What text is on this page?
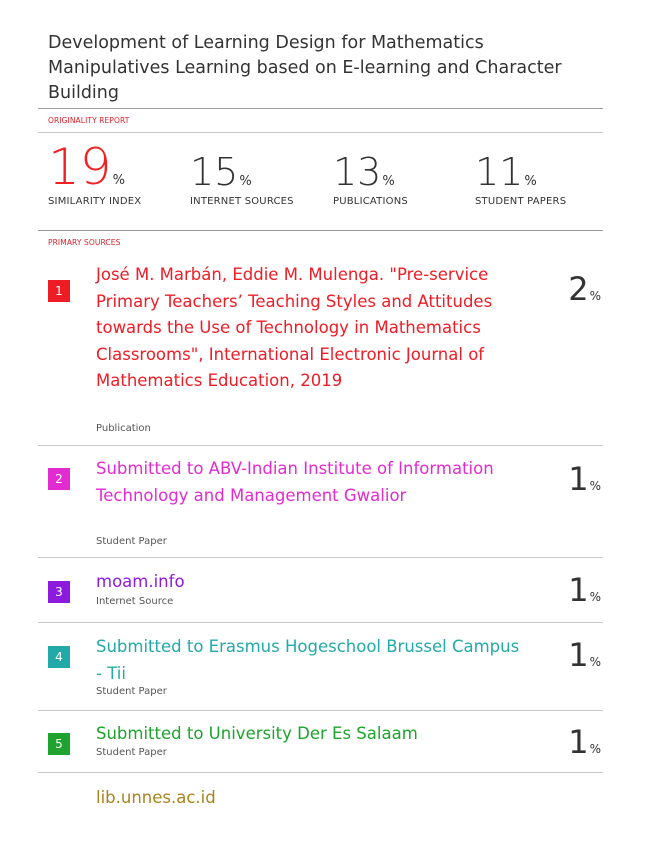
Development of Learning Design for Mathematics Manipulatives Learning based on E-learning and Character Building
ORIGINALITY REPORT
19%
SIMILARITY INDEX
15%
INTERNET SOURCES
13%
PUBLICATIONS
11%
STUDENT PAPERS
PRIMARY SOURCES
1
José M. Marbán, Eddie M. Mulenga. "Pre-service Primary Teachers’ Teaching Styles and Attitudes towards the Use of Technology in Mathematics Classrooms", International Electronic Journal of Mathematics Education, 2019
Publication
2%
2
Submitted to ABV-Indian Institute of Information Technology and Management Gwalior
Student Paper
1%
3
moam.info
Internet Source	1%
4
Submitted to Erasmus Hogeschool Brussel Campus - Tii
Student Paper
1%
5
Submitted to University Der Es Salaam
Student Paper	1%
lib.unnes.ac.id
